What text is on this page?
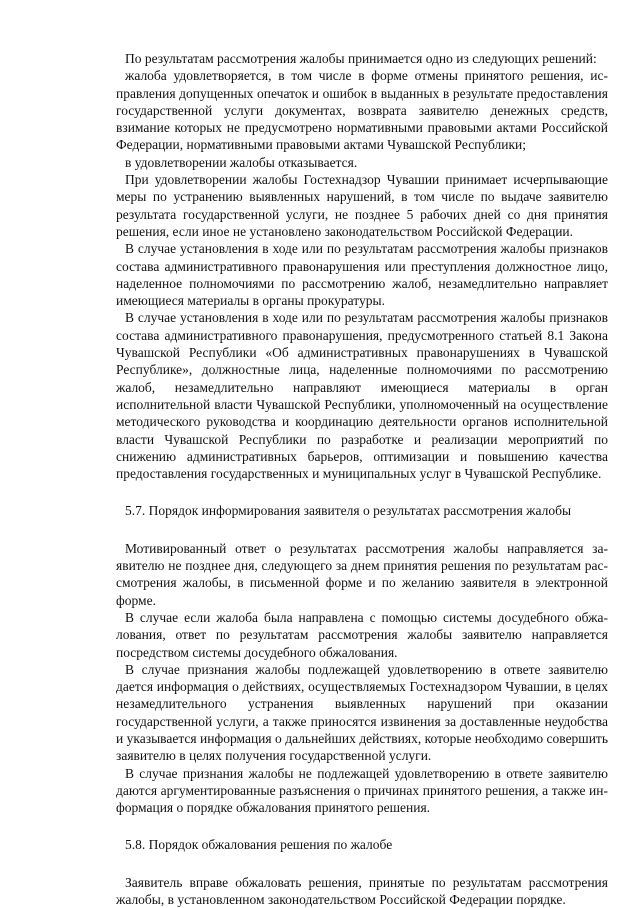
По результатам рассмотрения жалобы принимается одно из следующих решений:

жалоба удовлетворяется, в том числе в форме отмены принятого решения, исправления допущенных опечаток и ошибок в выданных в результате предоставления государственной услуги документах, возврата заявителю денежных средств, взимание которых не предусмотрено нормативными правовыми актами Российской Федерации, нормативными правовыми актами Чувашской Республики;

в удовлетворении жалобы отказывается.

При удовлетворении жалобы Гостехнадзор Чувашии принимает исчерпывающие меры по устранению выявленных нарушений, в том числе по выдаче заявителю результата государственной услуги, не позднее 5 рабочих дней со дня принятия решения, если иное не установлено законодательством Российской Федерации.

В случае установления в ходе или по результатам рассмотрения жалобы признаков состава административного правонарушения или преступления должностное лицо, наделенное полномочиями по рассмотрению жалоб, незамедлительно направляет имеющиеся материалы в органы прокуратуры.

В случае установления в ходе или по результатам рассмотрения жалобы признаков состава административного правонарушения, предусмотренного статьей 8.1 Закона Чувашской Республики «Об административных правонарушениях в Чувашской Республике», должностные лица, наделенные полномочиями по рассмотрению жалоб, незамедлительно направляют имеющиеся материалы в орган исполнительной власти Чувашской Республики, уполномоченный на осуществление методического руководства и координацию деятельности органов исполнительной власти Чувашской Республики по разработке и реализации мероприятий по снижению административных барьеров, оптимизации и повышению качества предоставления государственных и муниципальных услуг в Чувашской Республике.

5.7. Порядок информирования заявителя о результатах рассмотрения жалобы

Мотивированный ответ о результатах рассмотрения жалобы направляется заявителю не позднее дня, следующего за днем принятия решения по результатам рассмотрения жалобы, в письменной форме и по желанию заявителя в электронной форме.

В случае если жалоба была направлена с помощью системы досудебного обжалования, ответ по результатам рассмотрения жалобы заявителю направляется посредством системы досудебного обжалования.

В случае признания жалобы подлежащей удовлетворению в ответе заявителю дается информация о действиях, осуществляемых Гостехнадзором Чувашии, в целях незамедлительного устранения выявленных нарушений при оказании государственной услуги, а также приносятся извинения за доставленные неудобства и указывается информация о дальнейших действиях, которые необходимо совершить заявителю в целях получения государственной услуги.

В случае признания жалобы не подлежащей удовлетворению в ответе заявителю даются аргументированные разъяснения о причинах принятого решения, а также информация о порядке обжалования принятого решения.

5.8. Порядок обжалования решения по жалобе

Заявитель вправе обжаловать решения, принятые по результатам рассмотрения жалобы, в установленном законодательством Российской Федерации порядке.
